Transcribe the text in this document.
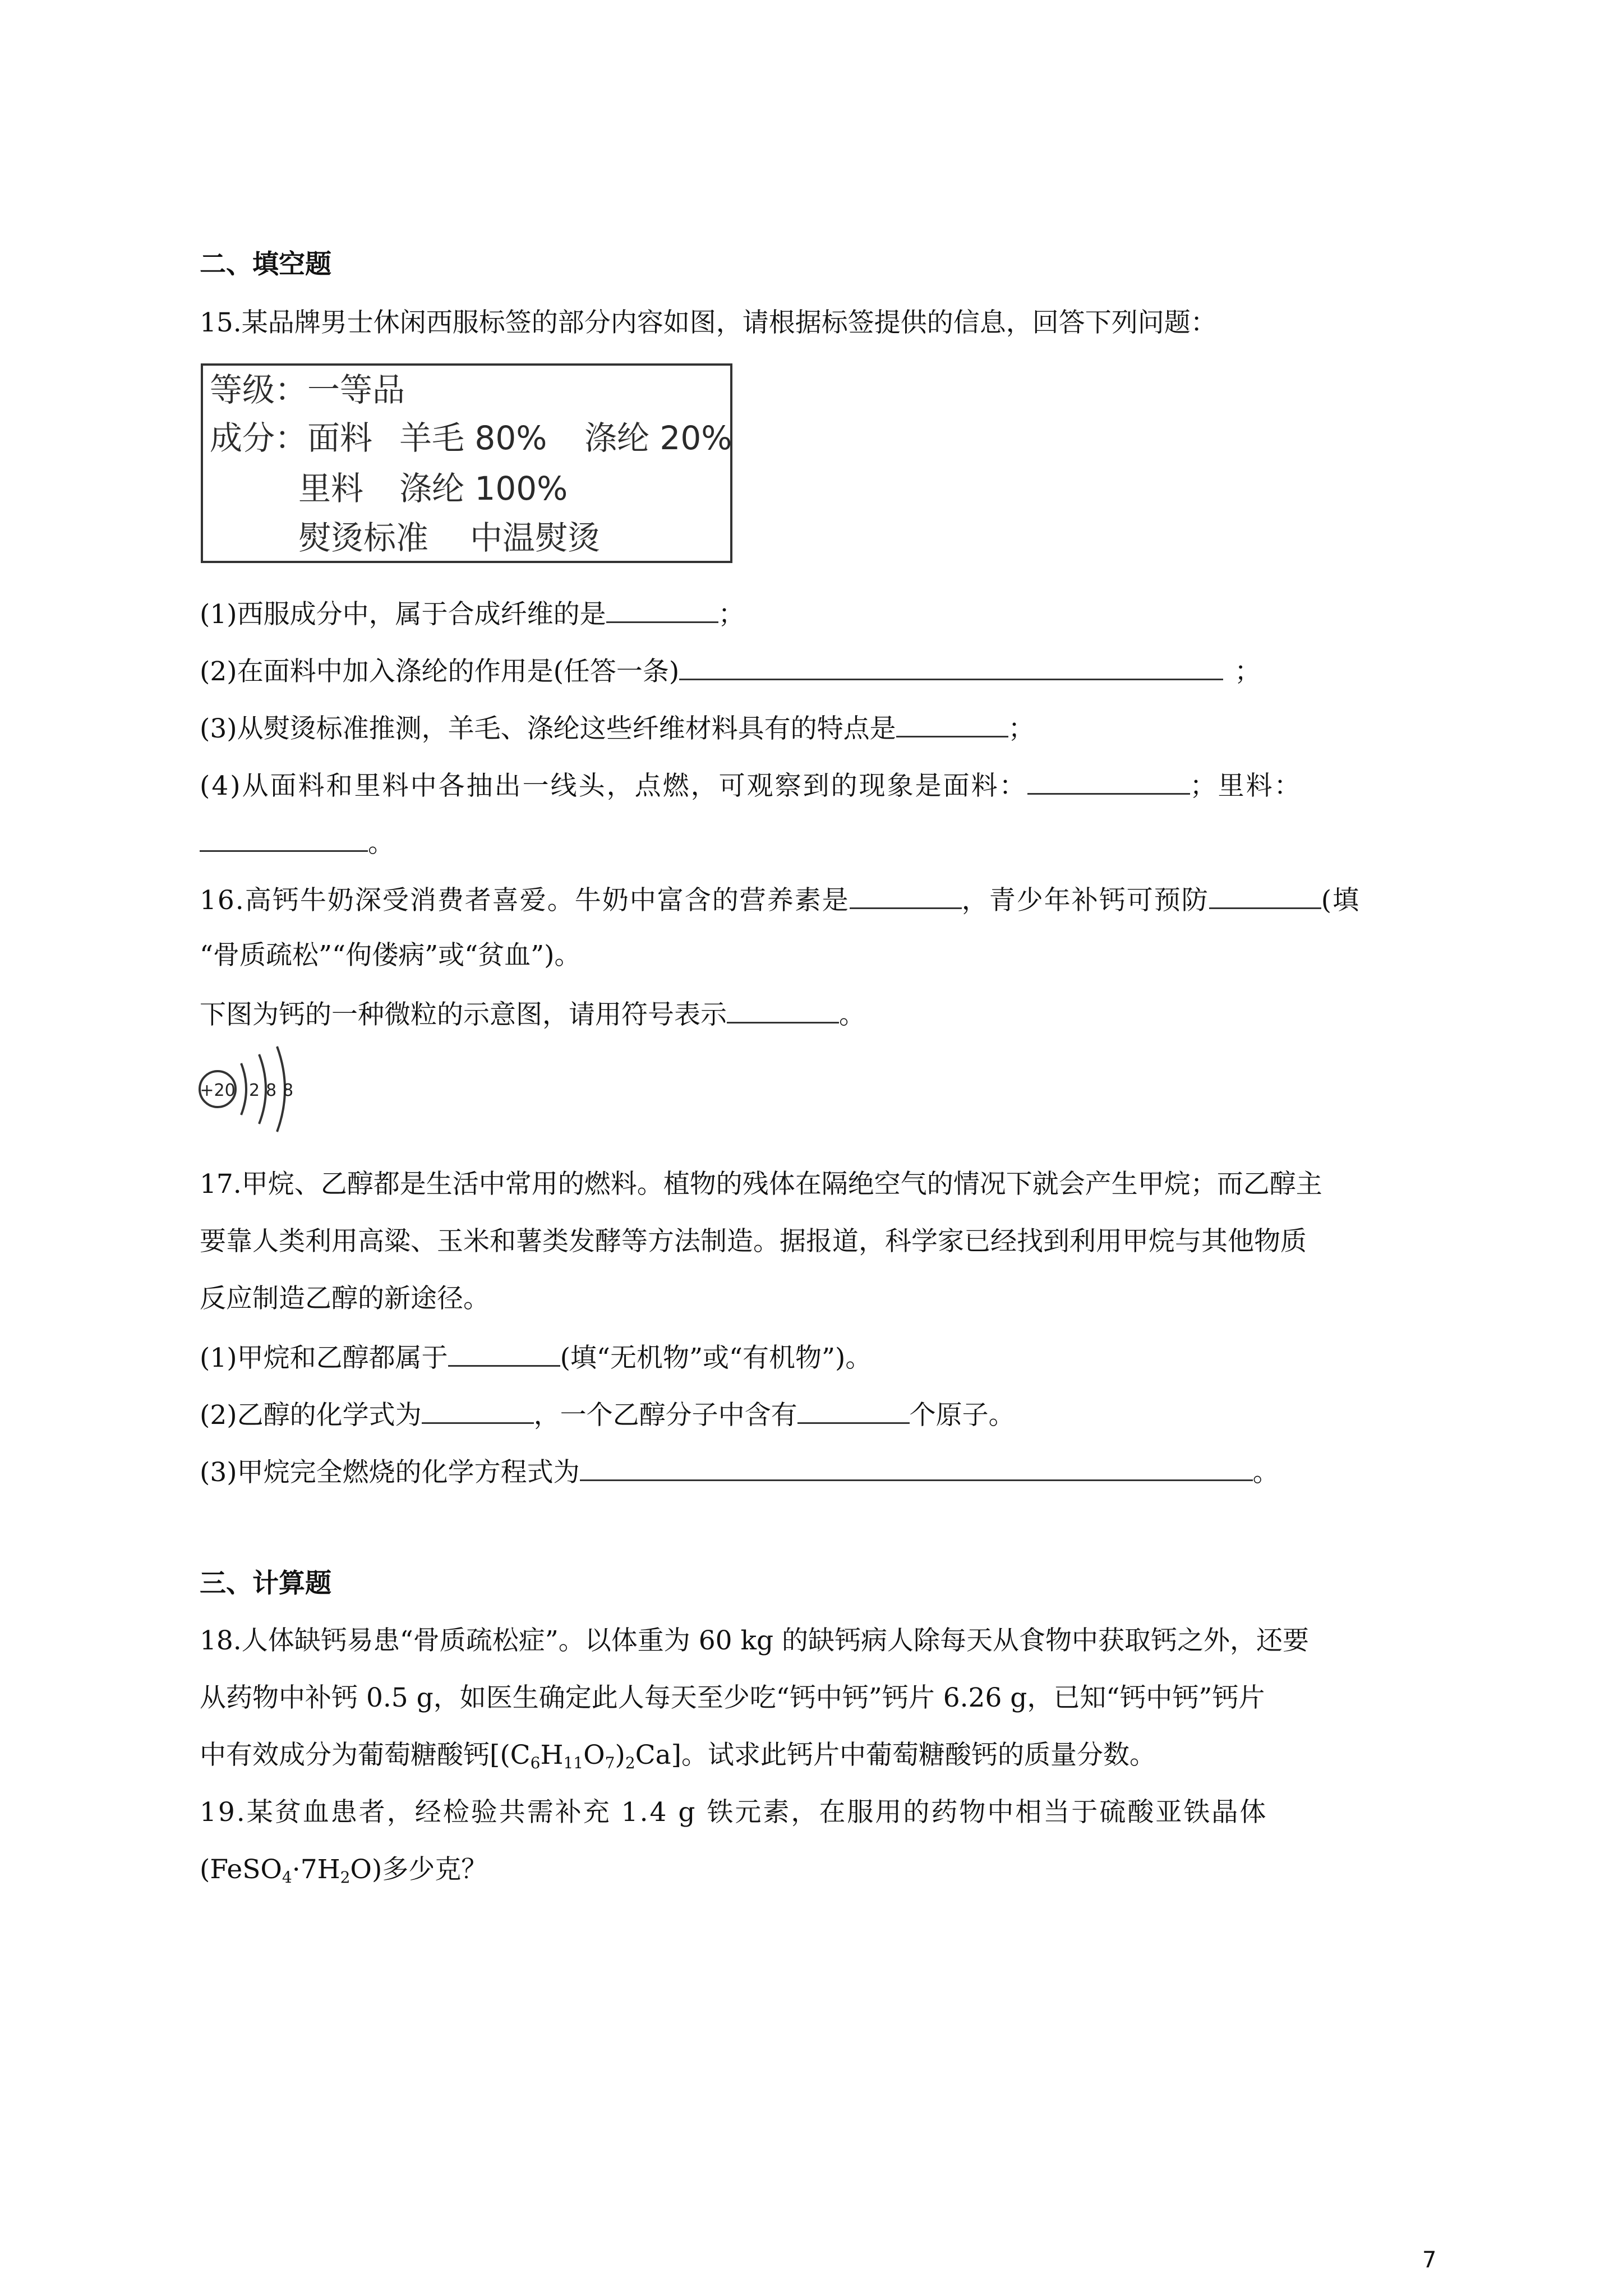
二、填空题
15.某品牌男士休闲西服标签的部分内容如图，请根据标签提供的信息，回答下列问题：
等级：一等品
成分：面料 羊毛 80% 涤纶 20%
里料 涤纶 100%
熨烫标准 中温熨烫
(1)西服成分中，属于合成纤维的是	；
(2)在面料中加入涤纶的作用是(任答一条)	；
(3)从熨烫标准推测，羊毛、涤纶这些纤维材料具有的特点是	；
(4)从面料和里料中各抽出一线头，点燃，可观察到的现象是面料：	；里料：
。
16.高钙牛奶深受消费者喜爱。牛奶中富含的营养素是	，青少年补钙可预防	(填
“骨质疏松”“佝偻病”或“贫血”)。
下图为钙的一种微粒的示意图，请用符号表示	。
+20 2 8 8
17.甲烷、乙醇都是生活中常用的燃料。植物的残体在隔绝空气的情况下就会产生甲烷；而乙醇主
要靠人类利用高粱、玉米和薯类发酵等方法制造。据报道，科学家已经找到利用甲烷与其他物质
反应制造乙醇的新途径。
(1)甲烷和乙醇都属于	(填“无机物”或“有机物”)。
(2)乙醇的化学式为	，一个乙醇分子中含有	个原子。
(3)甲烷完全燃烧的化学方程式为	。
三、计算题
18.人体缺钙易患“骨质疏松症”。以体重为 60 kg 的缺钙病人除每天从食物中获取钙之外，还要
从药物中补钙 0.5 g，如医生确定此人每天至少吃“钙中钙”钙片 6.26 g，已知“钙中钙”钙片
中有效成分为葡萄糖酸钙$[(C_6H_{11}O_7)_2Ca]$。试求此钙片中葡萄糖酸钙的质量分数。
19.某贫血患者，经检验共需补充 1.4 g 铁元素，在服用的药物中相当于硫酸亚铁晶体
$(FeSO_4\cdot 7H_2O)$多少克？
7
